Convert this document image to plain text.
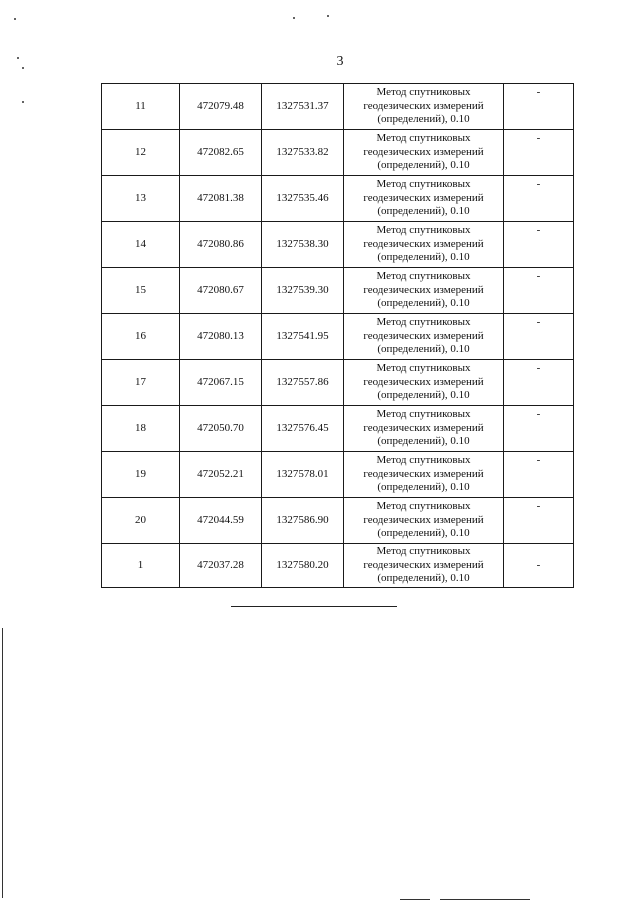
3
11	472079.48	1327531.37	Метод спутниковых
геодезических измерений
(определений), 0.10	-
12	472082.65	1327533.82	Метод спутниковых
геодезических измерений
(определений), 0.10	-
13	472081.38	1327535.46	Метод спутниковых
геодезических измерений
(определений), 0.10	-
14	472080.86	1327538.30	Метод спутниковых
геодезических измерений
(определений), 0.10	-
15	472080.67	1327539.30	Метод спутниковых
геодезических измерений
(определений), 0.10	-
16	472080.13	1327541.95	Метод спутниковых
геодезических измерений
(определений), 0.10	-
17	472067.15	1327557.86	Метод спутниковых
геодезических измерений
(определений), 0.10	-
18	472050.70	1327576.45	Метод спутниковых
геодезических измерений
(определений), 0.10	-
19	472052.21	1327578.01	Метод спутниковых
геодезических измерений
(определений), 0.10	-
20	472044.59	1327586.90	Метод спутниковых
геодезических измерений
(определений), 0.10	-
1	472037.28	1327580.20	Метод спутниковых
геодезических измерений
(определений), 0.10	-
